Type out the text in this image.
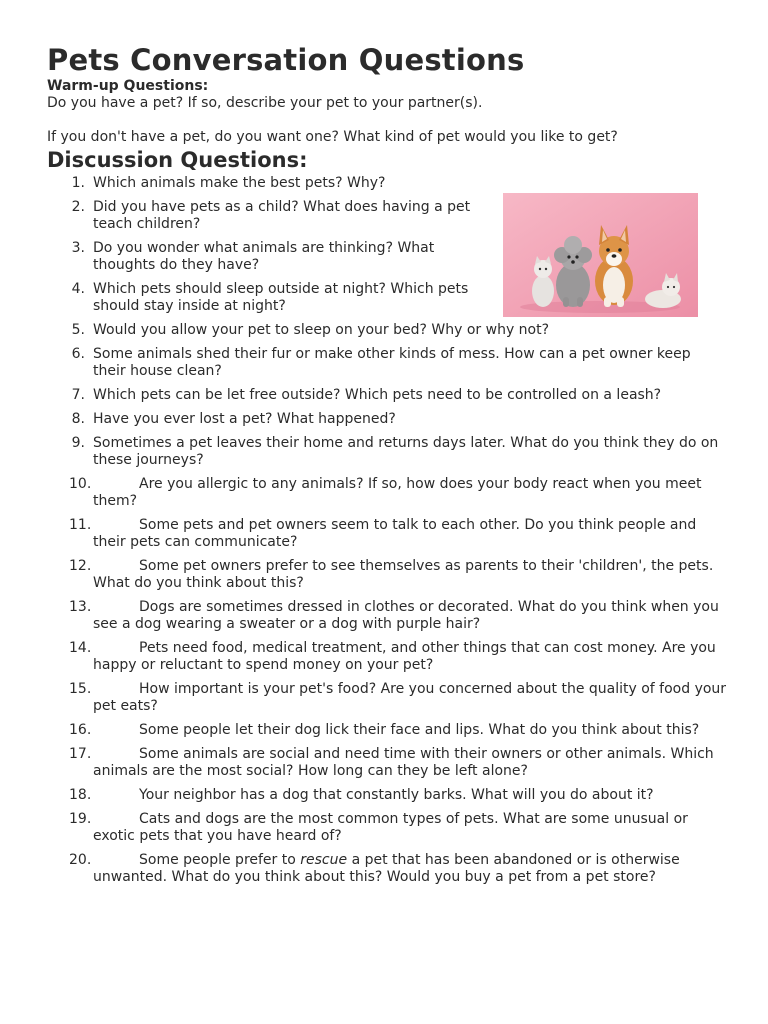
Pets Conversation Questions
Warm-up Questions:

Do you have a pet? If so, describe your pet to your partner(s).

If you don't have a pet, do you want one? What kind of pet would you like to get?

Discussion Questions:
1. Which animals make the best pets? Why?
2. Did you have pets as a child? What does having a pet teach children?
3. Do you wonder what animals are thinking? What thoughts do they have?
4. Which pets should sleep outside at night? Which pets should stay inside at night?
5. Would you allow your pet to sleep on your bed? Why or why not?
6. Some animals shed their fur or make other kinds of mess. How can a pet owner keep their house clean?
7. Which pets can be let free outside? Which pets need to be controlled on a leash?
8. Have you ever lost a pet? What happened?
9. Sometimes a pet leaves their home and returns days later. What do you think they do on these journeys?
10.	Are you allergic to any animals? If so, how does your body react when you meet them?
11.	Some pets and pet owners seem to talk to each other. Do you think people and their pets can communicate?
12.	Some pet owners prefer to see themselves as parents to their 'children', the pets. What do you think about this?
13.	Dogs are sometimes dressed in clothes or decorated. What do you think when you see a dog wearing a sweater or a dog with purple hair?
14.	Pets need food, medical treatment, and other things that can cost money. Are you happy or reluctant to spend money on your pet?
15.	How important is your pet's food? Are you concerned about the quality of food your pet eats?
16.	Some people let their dog lick their face and lips. What do you think about this?
17.	Some animals are social and need time with their owners or other animals. Which animals are the most social? How long can they be left alone?
18.	Your neighbor has a dog that constantly barks. What will you do about it?
19.	Cats and dogs are the most common types of pets. What are some unusual or exotic pets that you have heard of?
20.	Some people prefer to rescue a pet that has been abandoned or is otherwise unwanted. What do you think about this? Would you buy a pet from a pet store?
